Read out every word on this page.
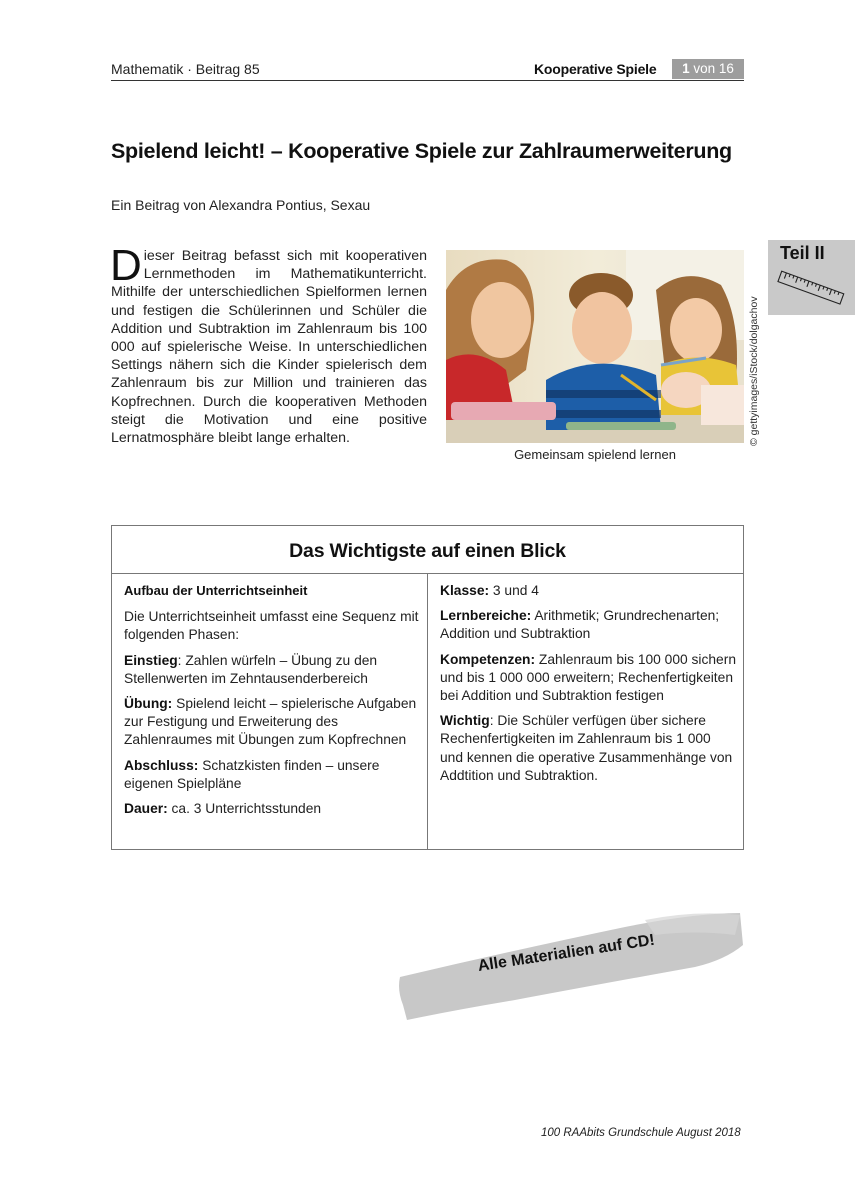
Mathematik · Beitrag 85	Kooperative Spiele	1 von 16
Spielend leicht! – Kooperative Spiele zur Zahlraumerweiterung
Ein Beitrag von Alexandra Pontius, Sexau
Dieser Beitrag befasst sich mit kooperativen Lernmethoden im Mathematikunterricht. Mithilfe der unterschiedlichen Spielformen lernen und festigen die Schülerinnen und Schüler die Addition und Subtraktion im Zahlenraum bis 100 000 auf spielerische Weise. In unterschiedlichen Settings nähern sich die Kinder spielerisch dem Zahlenraum bis zur Million und trainieren das Kopfrechnen. Durch die kooperativen Methoden steigt die Motivation und eine positive Lernatmosphäre bleibt lange erhalten.
Gemeinsam spielend lernen
© gettyimages/iStock/dolgachov
Teil II
Das Wichtigste auf einen Blick

Aufbau der Unterrichtseinheit

Die Unterrichtseinheit umfasst eine Sequenz mit folgenden Phasen:

Einstieg: Zahlen würfeln – Übung zu den Stellenwerten im Zehntausenderbereich

Übung: Spielend leicht – spielerische Aufgaben zur Festigung und Erweiterung des Zahlenraumes mit Übungen zum Kopfrechnen

Abschluss: Schatzkisten finden – unsere eigenen Spielpläne

Dauer: ca. 3 Unterrichtsstunden

Klasse: 3 und 4

Lernbereiche: Arithmetik; Grundrechenarten; Addition und Subtraktion

Kompetenzen: Zahlenraum bis 100 000 sichern und bis 1 000 000 erweitern; Rechenfertigkeiten bei Addition und Subtraktion festigen

Wichtig: Die Schüler verfügen über sichere Rechenfertigkeiten im Zahlenraum bis 1 000 und kennen die operative Zusammenhänge von Addtition und Subtraktion.

Alle Materialien auf CD!
100 RAAbits Grundschule August 2018
